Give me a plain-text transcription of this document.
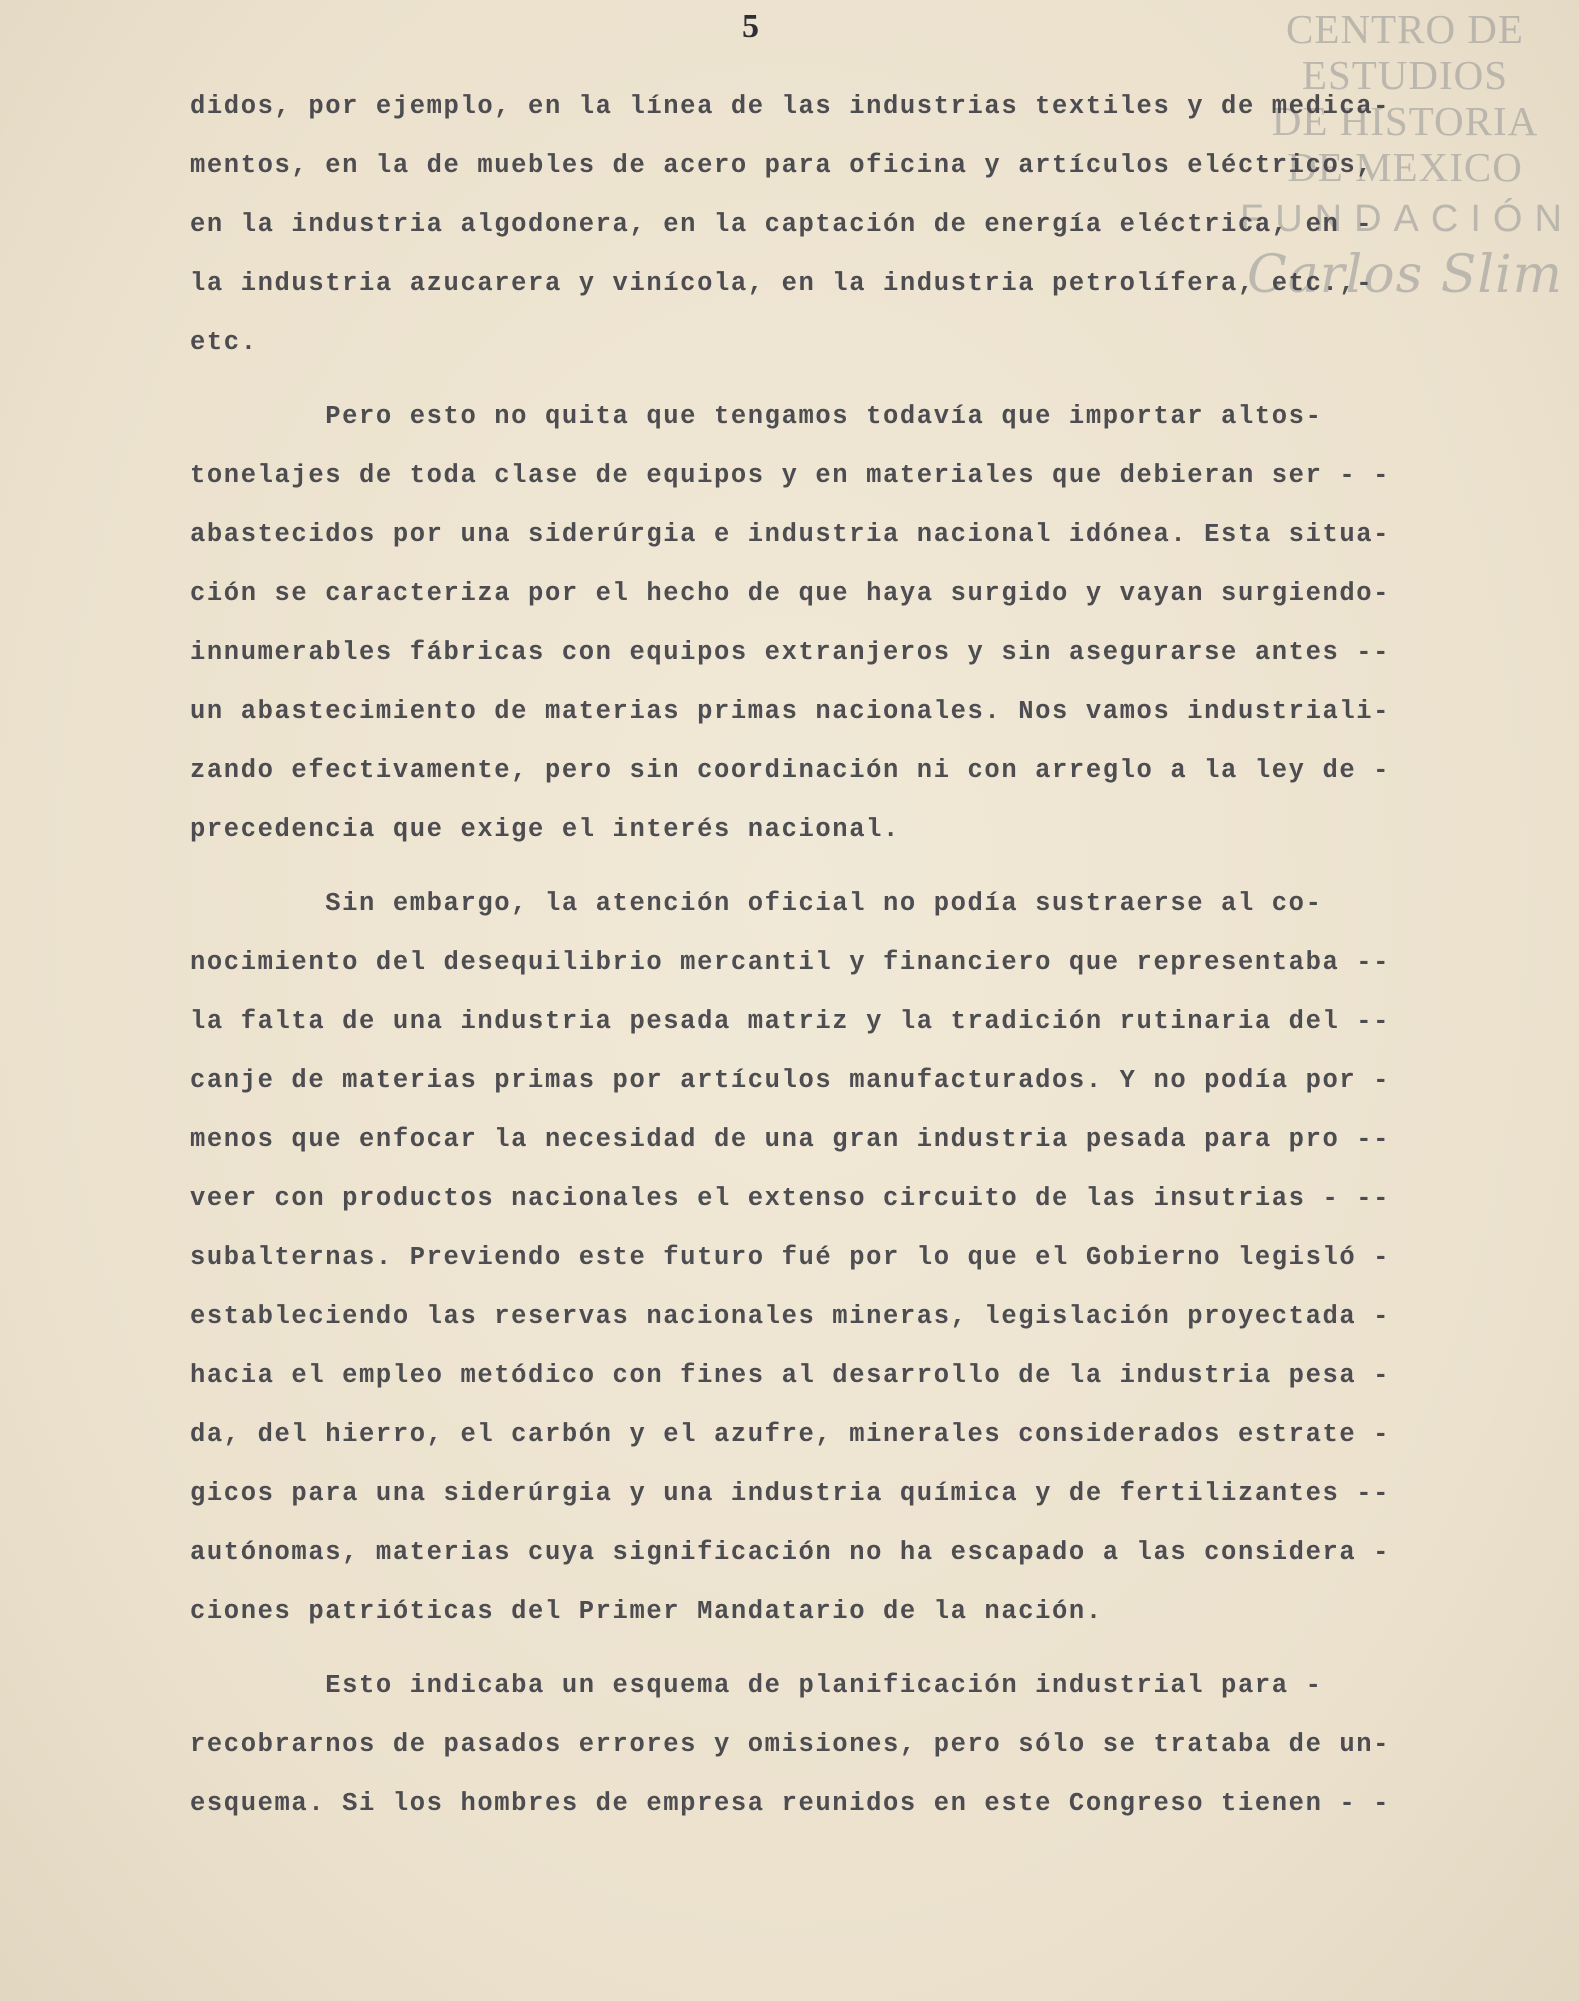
5	CENTRO DE
ESTUDIOS
DE HISTORIA
DE MEXICO
FUNDACIÓN
Carlos Slim
didos, por ejemplo, en la línea de las industrias textiles y de medica-
mentos, en la de muebles de acero para oficina y artículos eléctricos,
en la industria algodonera, en la captación de energía eléctrica, en -
la industria azucarera y vinícola, en la industria petrolífera, etc.,-
etc.
Pero esto no quita que tengamos todavía que importar altos-
tonelajes de toda clase de equipos y en materiales que debieran ser - -
abastecidos por una siderúrgia e industria nacional idónea. Esta situa-
ción se caracteriza por el hecho de que haya surgido y vayan surgiendo-
innumerables fábricas con equipos extranjeros y sin asegurarse antes --
un abastecimiento de materias primas nacionales. Nos vamos industriali-
zando efectivamente, pero sin coordinación ni con arreglo a la ley de -
precedencia que exige el interés nacional.
Sin embargo, la atención oficial no podía sustraerse al co-
nocimiento del desequilibrio mercantil y financiero que representaba --
la falta de una industria pesada matriz y la tradición rutinaria del --
canje de materias primas por artículos manufacturados. Y no podía por -
menos que enfocar la necesidad de una gran industria pesada para pro --
veer con productos nacionales el extenso circuito de las insutrias - --
subalternas. Previendo este futuro fué por lo que el Gobierno legisló -
estableciendo las reservas nacionales mineras, legislación proyectada -
hacia el empleo metódico con fines al desarrollo de la industria pesa -
da, del hierro, el carbón y el azufre, minerales considerados estrate -
gicos para una siderúrgia y una industria química y de fertilizantes --
autónomas, materias cuya significación no ha escapado a las considera -
ciones patrióticas del Primer Mandatario de la nación.
Esto indicaba un esquema de planificación industrial para -
recobrarnos de pasados errores y omisiones, pero sólo se trataba de un-
esquema. Si los hombres de empresa reunidos en este Congreso tienen - -
